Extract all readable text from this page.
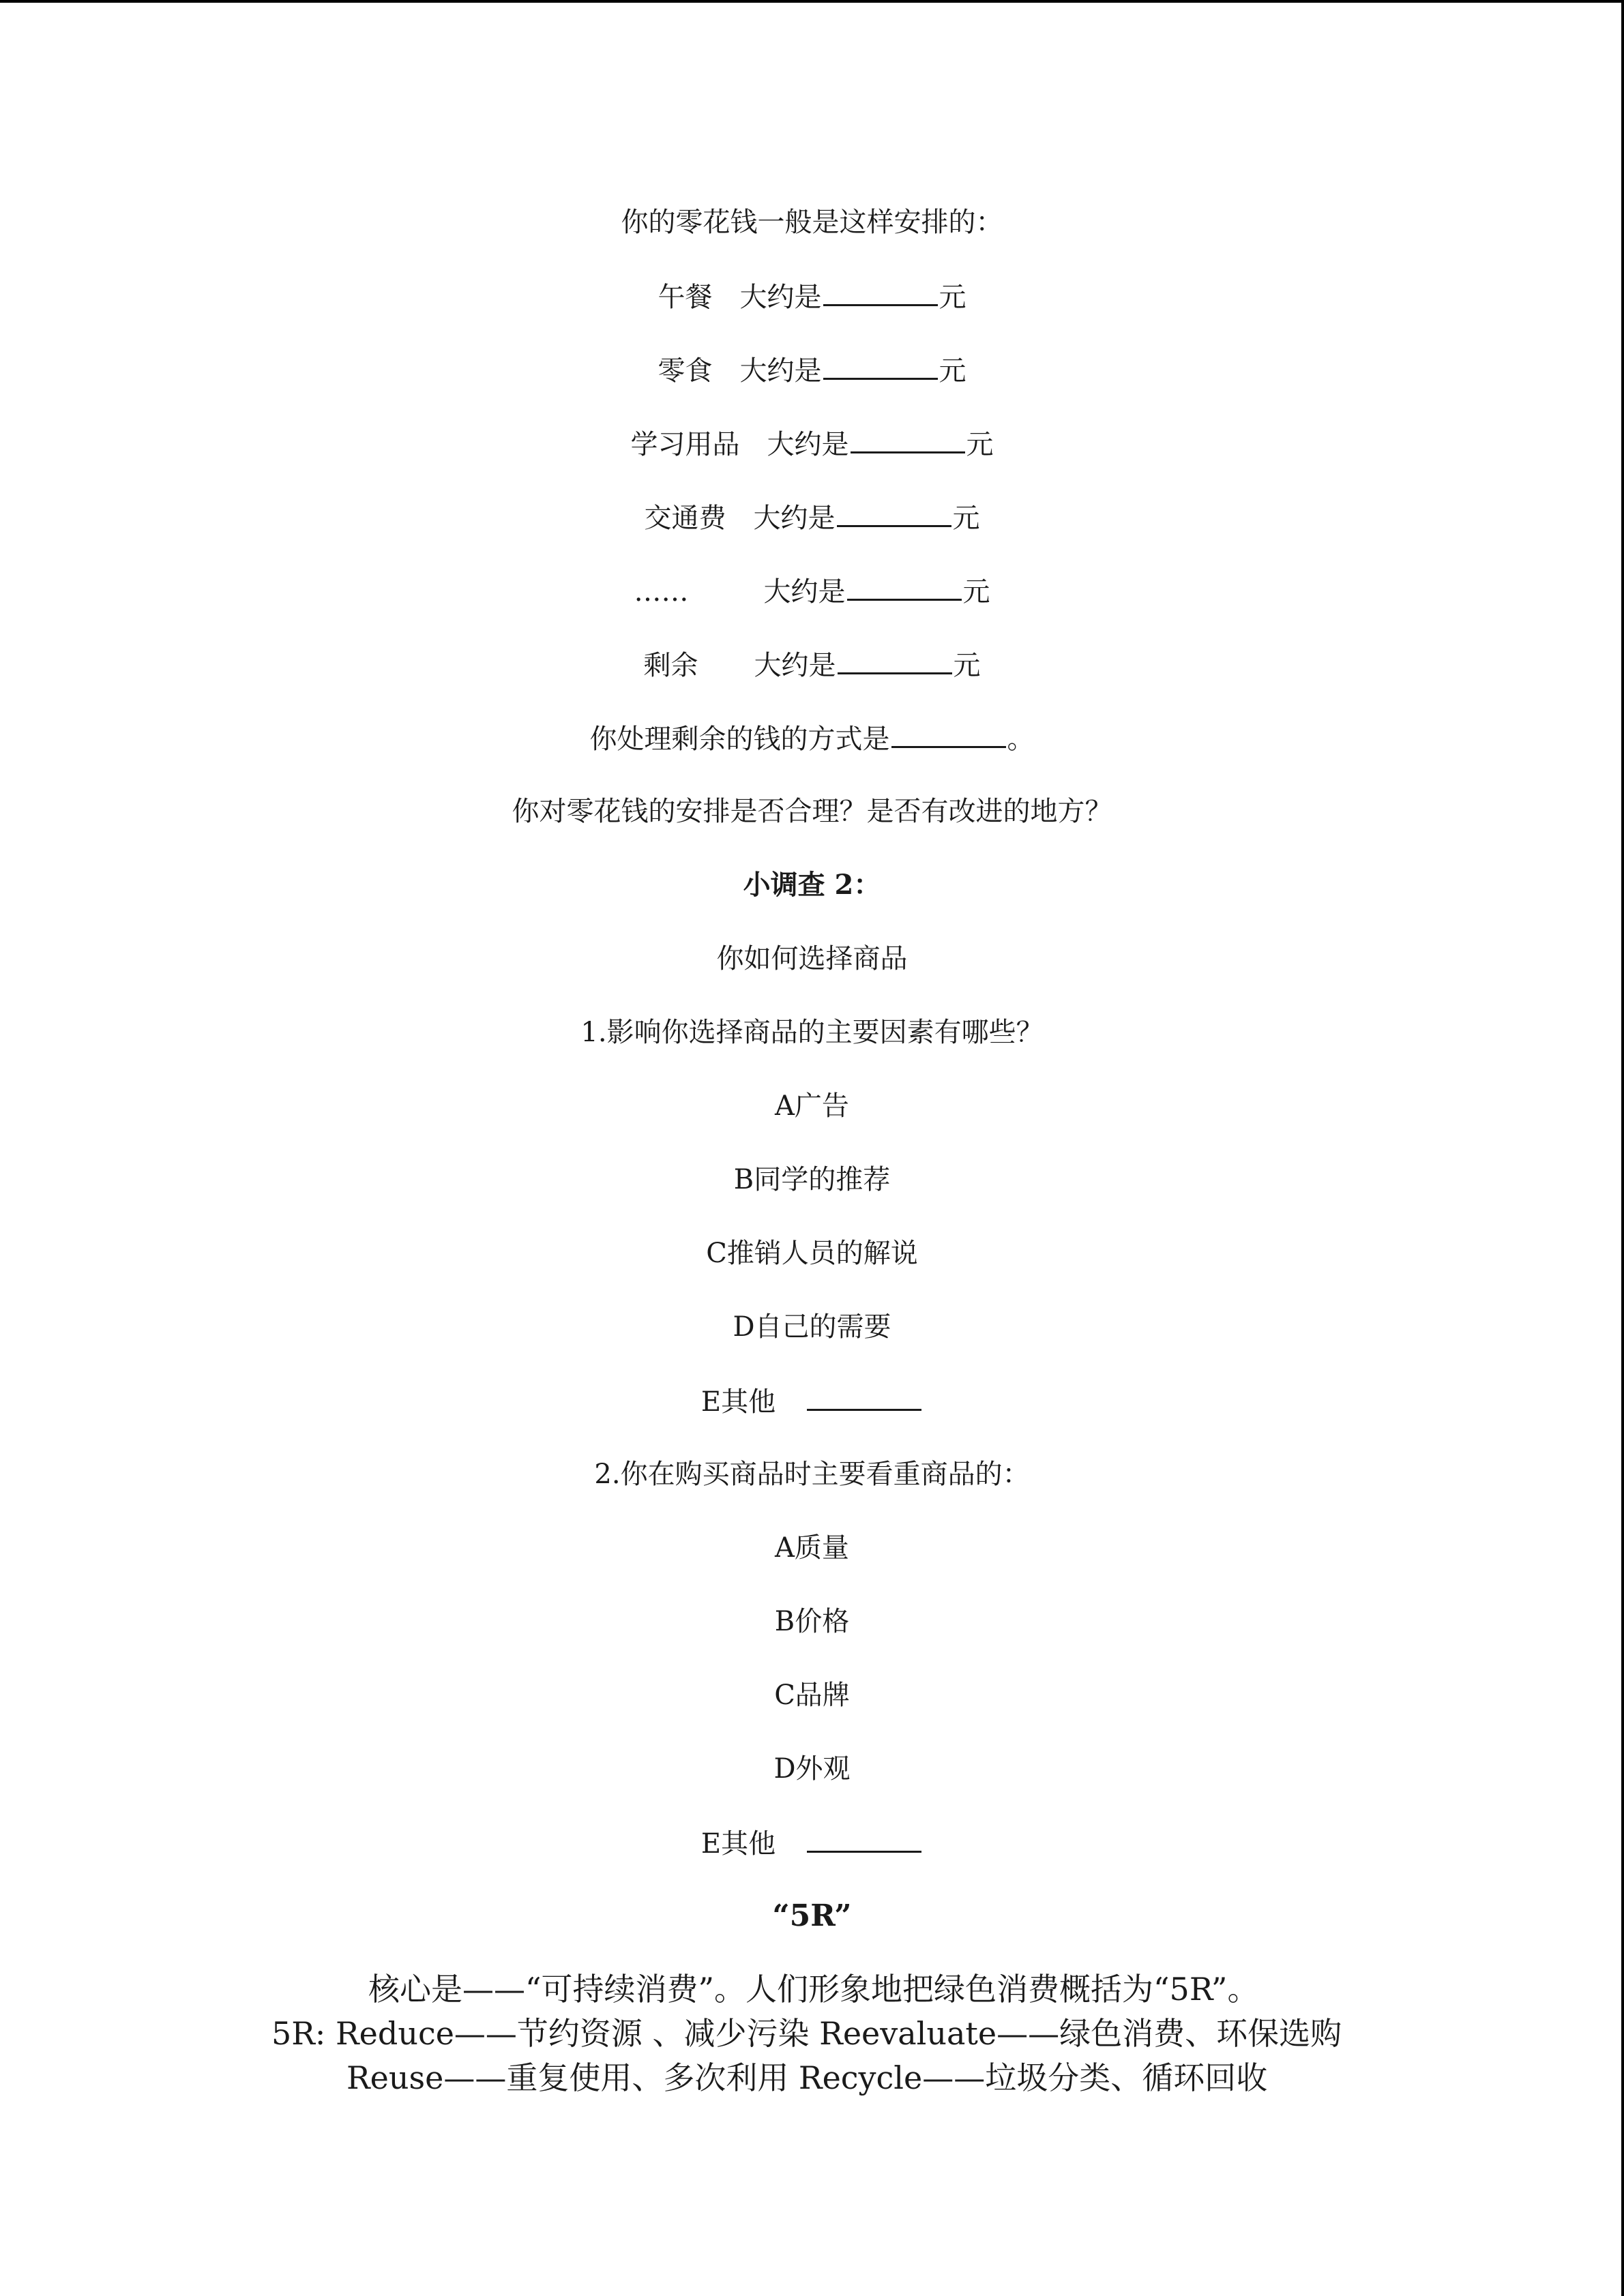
你的零花钱一般是这样安排的：
午餐 大约是	元
零食 大约是	元
学习用品 大约是	元
交通费 大约是	元
……	大约是	元
剩余 大约是	元
你处理剩余的钱的方式是	。
你对零花钱的安排是否合理？是否有改进的地方？
小调查 2：
你如何选择商品
1.影响你选择商品的主要因素有哪些？
A广告
B同学的推荐
C推销人员的解说
D自己的需要
E其他
2.你在购买商品时主要看重商品的：
A质量
B价格
C品牌
D外观
E其他
“5R”
核心是——“可持续消费”。人们形象地把绿色消费概括为“5R”。
5R: Reduce——节约资源 、减少污染 Reevaluate——绿色消费、环保选购
Reuse——重复使用、多次利用 Recycle——垃圾分类、循环回收
